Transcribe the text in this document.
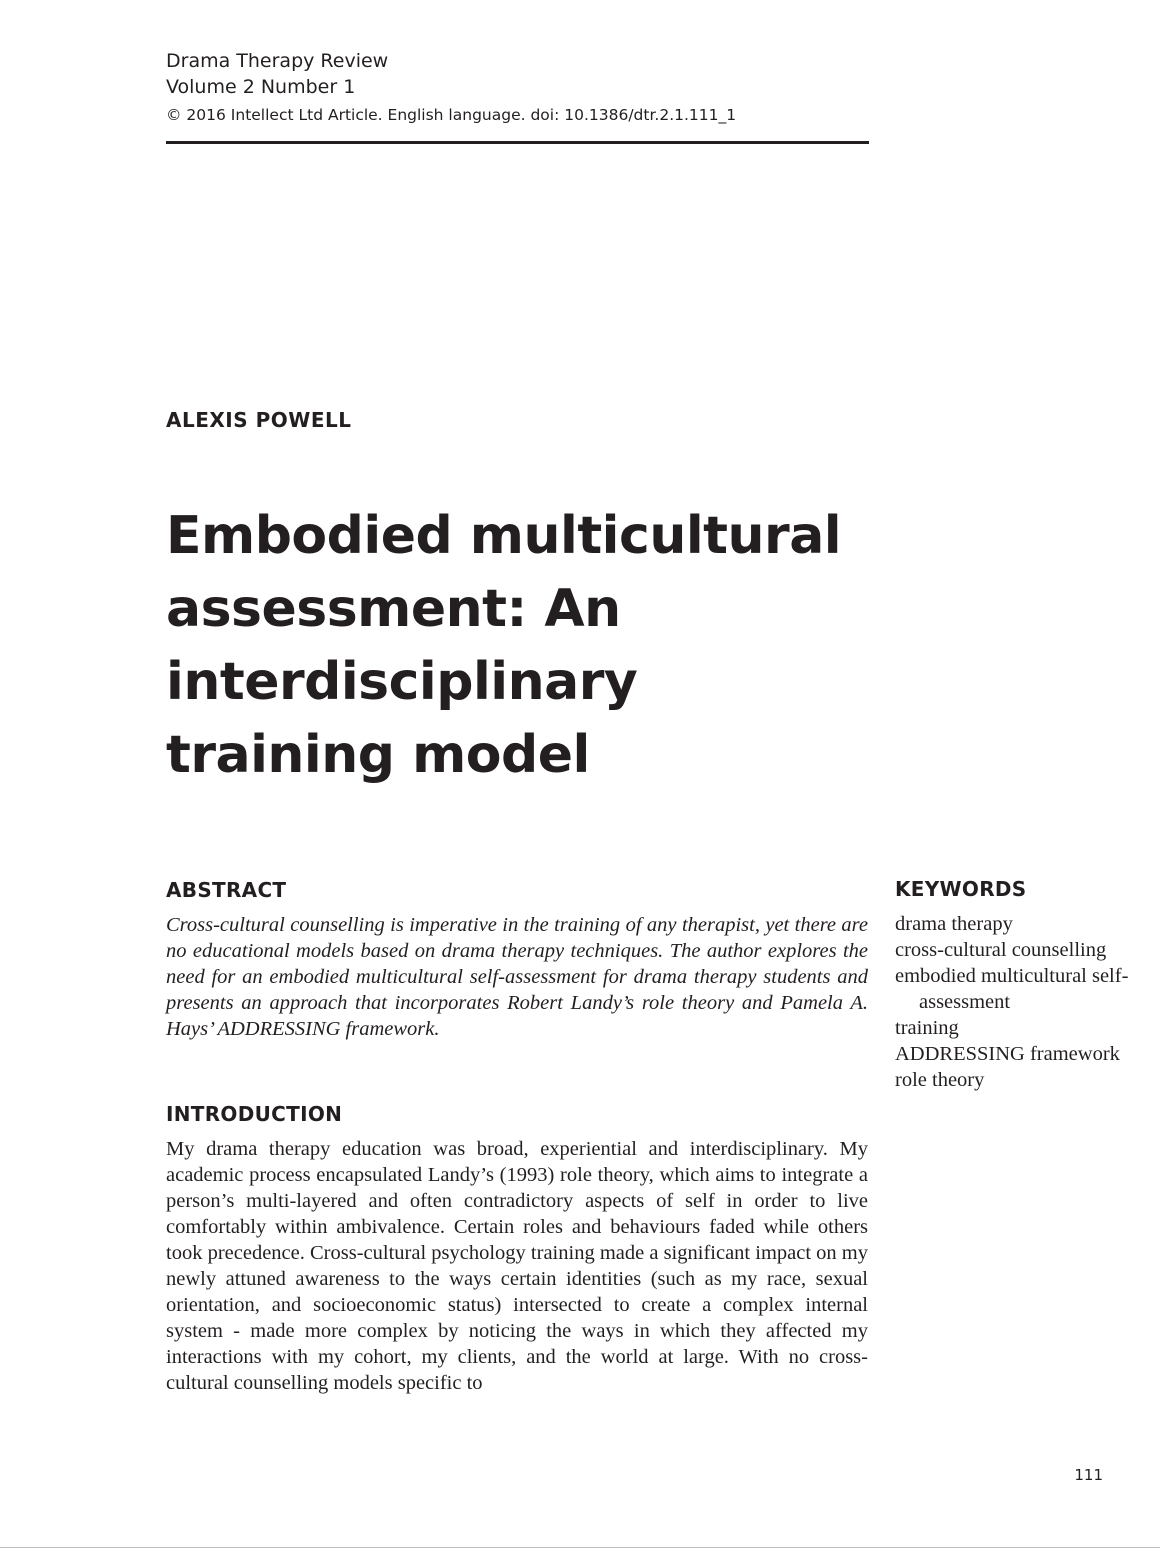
Drama Therapy Review
Volume 2 Number 1
© 2016 Intellect Ltd Article. English language. doi: 10.1386/dtr.2.1.111_1
ALEXIS POWELL
Embodied multicultural assessment: An interdisciplinary training model
ABSTRACT

Cross-cultural counselling is imperative in the training of any therapist, yet there are no educational models based on drama therapy techniques. The author explores the need for an embodied multicultural self-assessment for drama therapy students and presents an approach that incorporates Robert Landy’s role theory and Pamela A. Hays’ ADDRESSING framework.

KEYWORDS
drama therapy
cross-cultural counselling
embodied multicultural self-assessment
training
ADDRESSING framework
role theory
INTRODUCTION

My drama therapy education was broad, experiential and interdisciplinary. My academic process encapsulated Landy’s (1993) role theory, which aims to integrate a person’s multi-layered and often contradictory aspects of self in order to live comfortably within ambivalence. Certain roles and behaviours faded while others took precedence. Cross-cultural psychology training made a significant impact on my newly attuned awareness to the ways certain identities (such as my race, sexual orientation, and socioeconomic status) intersected to create a complex internal system - made more complex by noticing the ways in which they affected my interactions with my cohort, my clients, and the world at large. With no cross-cultural counselling models specific to

111
